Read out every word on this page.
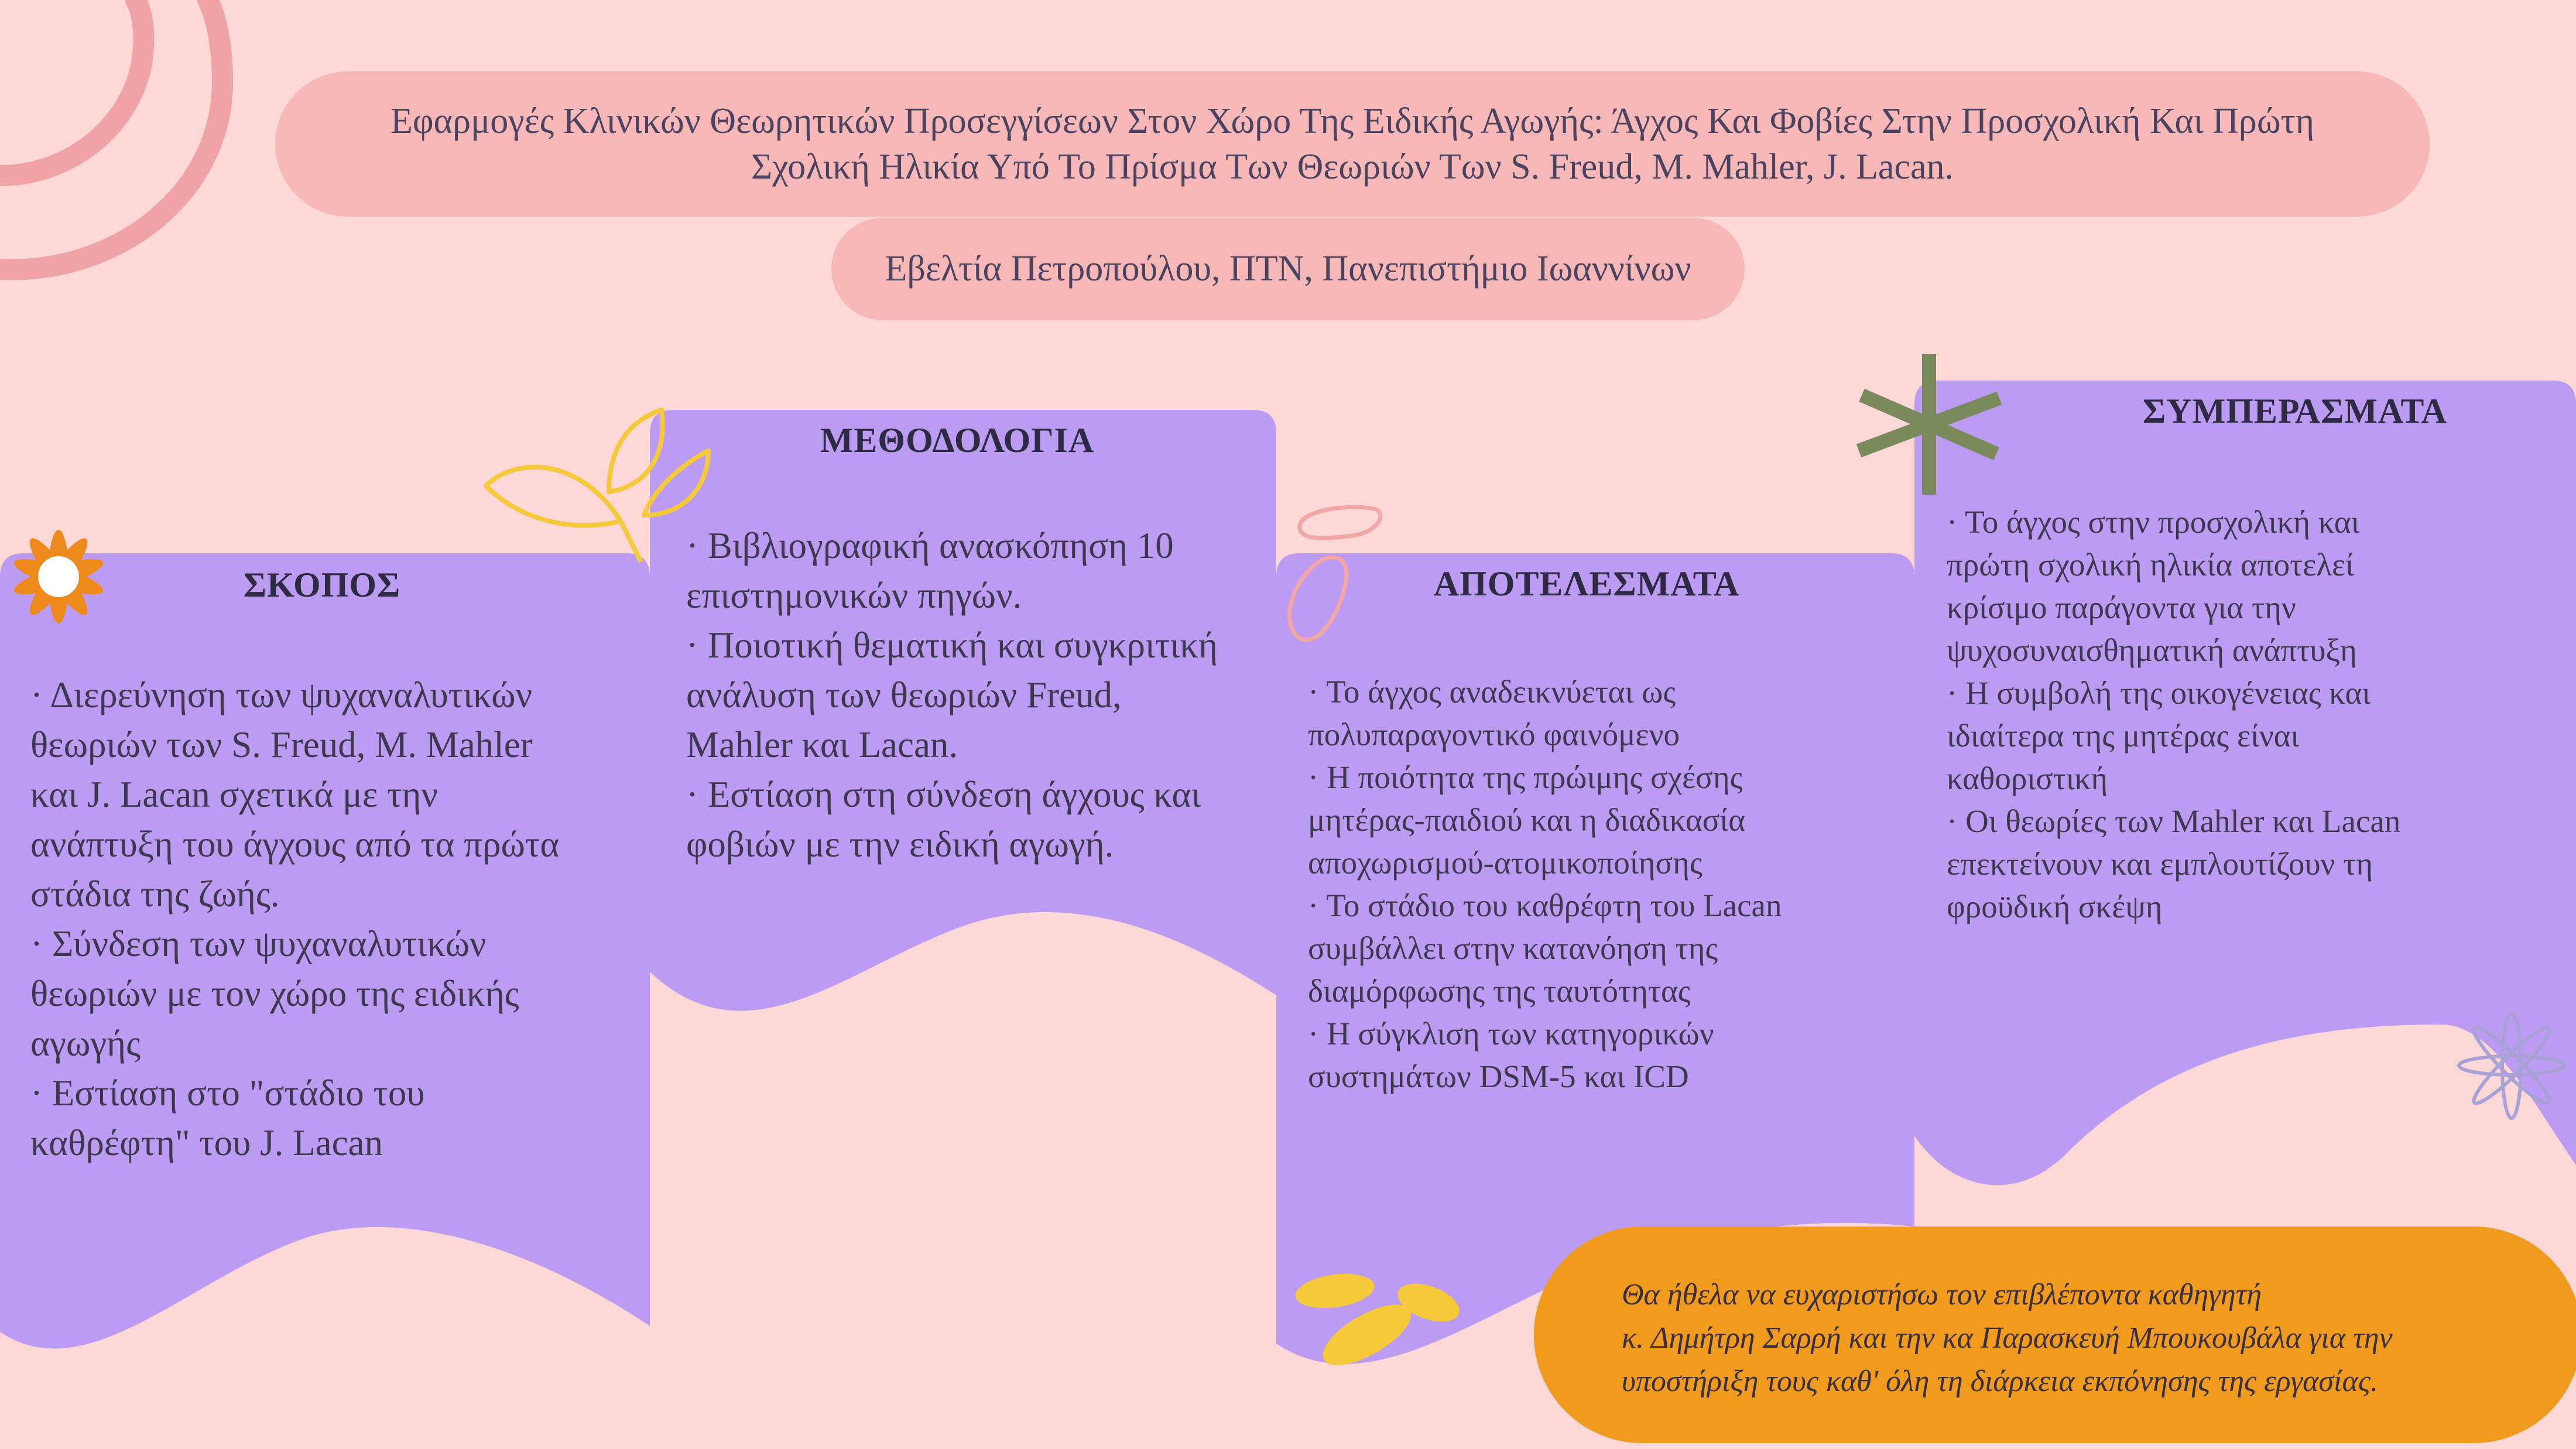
Εφαρμογές Κλινικών Θεωρητικών Προσεγγίσεων Στον Χώρο Της Ειδικής Αγωγής: Άγχος Και Φοβίες Στην Προσχολική Και Πρώτη Σχολική Ηλικία Υπό Το Πρίσμα Των Θεωριών Των S. Freud, M. Mahler, J. Lacan.
Εβελτία Πετροπούλου, ΠΤΝ, Πανεπιστήμιο Ιωαννίνων
ΣΚΟΠΟΣ
· Διερεύνηση των ψυχαναλυτικών
θεωριών των S. Freud, M. Mahler
και J. Lacan σχετικά με την
ανάπτυξη του άγχους από τα πρώτα
στάδια της ζωής.
· Σύνδεση των ψυχαναλυτικών
θεωριών με τον χώρο της ειδικής
αγωγής
· Εστίαση στο "στάδιο του
καθρέφτη" του J. Lacan
ΜΕΘΟΔΟΛΟΓΙΑ
· Βιβλιογραφική ανασκόπηση 10
επιστημονικών πηγών.
· Ποιοτική θεματική και συγκριτική
ανάλυση των θεωριών Freud,
Mahler και Lacan.
· Εστίαση στη σύνδεση άγχους και
φοβιών με την ειδική αγωγή.
ΑΠΟΤΕΛΕΣΜΑΤΑ
· Το άγχος αναδεικνύεται ως
πολυπαραγοντικό φαινόμενο
· Η ποιότητα της πρώιμης σχέσης
μητέρας-παιδιού και η διαδικασία
αποχωρισμού-ατομικοποίησης
· Το στάδιο του καθρέφτη του Lacan
συμβάλλει στην κατανόηση της
διαμόρφωσης της ταυτότητας
· Η σύγκλιση των κατηγορικών
συστημάτων DSM-5 και ICD
ΣΥΜΠΕΡΑΣΜΑΤΑ
· Το άγχος στην προσχολική και
πρώτη σχολική ηλικία αποτελεί
κρίσιμο παράγοντα για την
ψυχοσυναισθηματική ανάπτυξη
· Η συμβολή της οικογένειας και
ιδιαίτερα της μητέρας είναι
καθοριστική
· Οι θεωρίες των Mahler και Lacan
επεκτείνουν και εμπλουτίζουν τη
φροϋδική σκέψη
Θα ήθελα να ευχαριστήσω τον επιβλέποντα καθηγητή
κ. Δημήτρη Σαρρή και την κα Παρασκευή Μπουκουβάλα για την
υποστήριξη τους καθ' όλη τη διάρκεια εκπόνησης της εργασίας.
